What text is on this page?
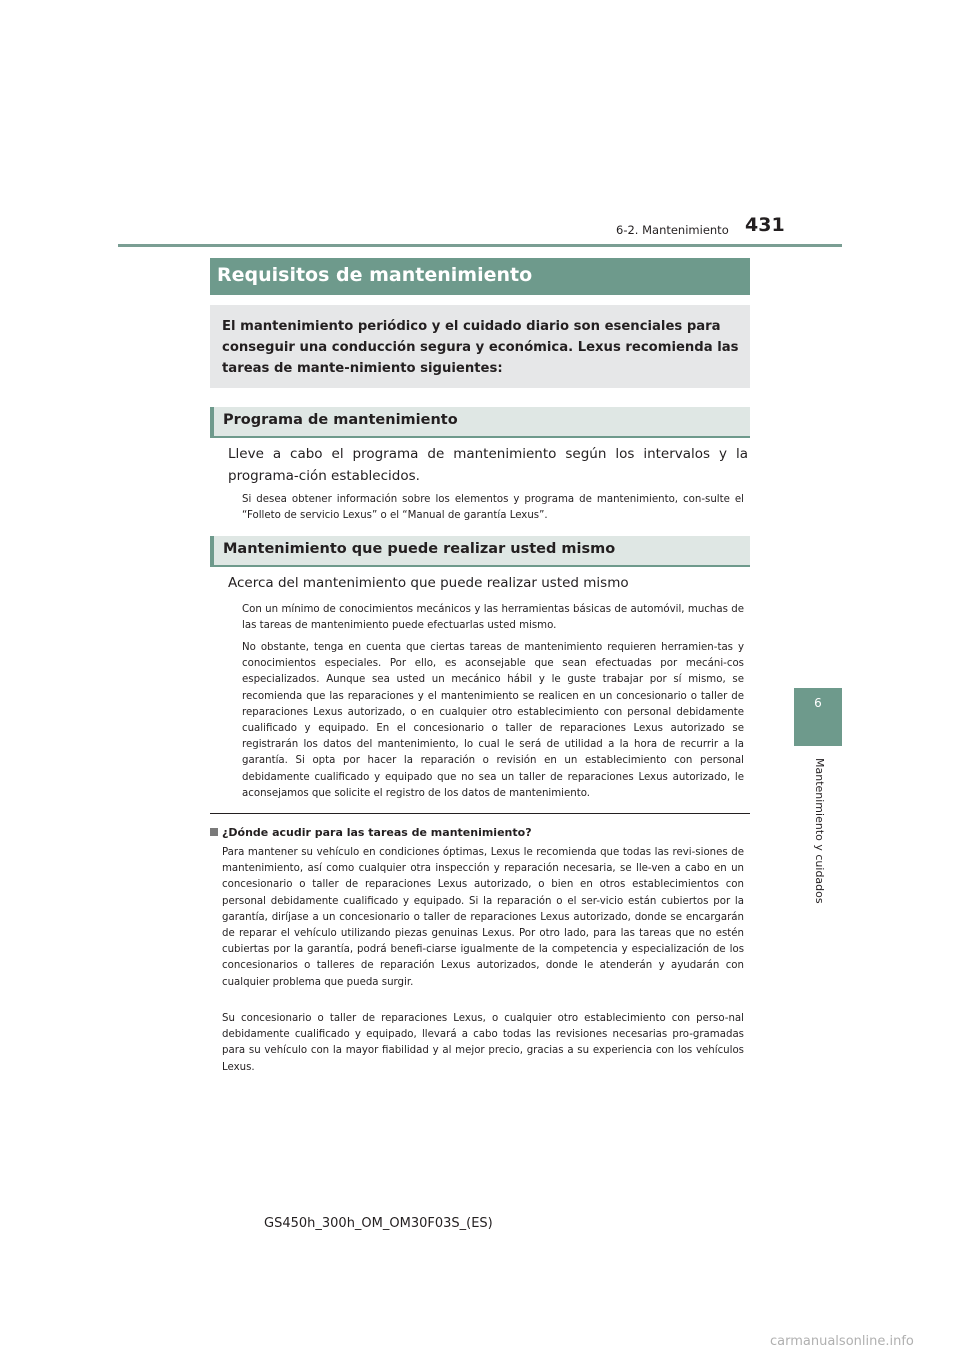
431
6-2. Mantenimiento
6
Mantenimiento y cuidados
Requisitos de mantenimiento

El mantenimiento periódico y el cuidado diario son esenciales para conseguir una conducción segura y económica. Lexus recomienda las tareas de mante-nimiento siguientes:

Programa de mantenimiento

Lleve a cabo el programa de mantenimiento según los intervalos y la programa-ción establecidos.

Si desea obtener información sobre los elementos y programa de mantenimiento, con-sulte el “Folleto de servicio Lexus” o el “Manual de garantía Lexus”.

Mantenimiento que puede realizar usted mismo

Acerca del mantenimiento que puede realizar usted mismo

Con un mínimo de conocimientos mecánicos y las herramientas básicas de automóvil, muchas de las tareas de mantenimiento puede efectuarlas usted mismo.

No obstante, tenga en cuenta que ciertas tareas de mantenimiento requieren herramien-tas y conocimientos especiales. Por ello, es aconsejable que sean efectuadas por mecáni-cos especializados. Aunque sea usted un mecánico hábil y le guste trabajar por sí mismo, se recomienda que las reparaciones y el mantenimiento se realicen en un concesionario o taller de reparaciones Lexus autorizado, o en cualquier otro establecimiento con personal debidamente cualificado y equipado. En el concesionario o taller de reparaciones Lexus autorizado se registrarán los datos del mantenimiento, lo cual le será de utilidad a la hora de recurrir a la garantía. Si opta por hacer la reparación o revisión en un establecimiento con personal debidamente cualificado y equipado que no sea un taller de reparaciones Lexus autorizado, le aconsejamos que solicite el registro de los datos de mantenimiento.

¿Dónde acudir para las tareas de mantenimiento?

Para mantener su vehículo en condiciones óptimas, Lexus le recomienda que todas las revi-siones de mantenimiento, así como cualquier otra inspección y reparación necesaria, se lle-ven a cabo en un concesionario o taller de reparaciones Lexus autorizado, o bien en otros establecimientos con personal debidamente cualificado y equipado. Si la reparación o el ser-vicio están cubiertos por la garantía, diríjase a un concesionario o taller de reparaciones Lexus autorizado, donde se encargarán de reparar el vehículo utilizando piezas genuinas Lexus. Por otro lado, para las tareas que no estén cubiertas por la garantía, podrá benefi-ciarse igualmente de la competencia y especialización de los concesionarios o talleres de reparación Lexus autorizados, donde le atenderán y ayudarán con cualquier problema que pueda surgir.

Su concesionario o taller de reparaciones Lexus, o cualquier otro establecimiento con perso-nal debidamente cualificado y equipado, llevará a cabo todas las revisiones necesarias pro-gramadas para su vehículo con la mayor fiabilidad y al mejor precio, gracias a su experiencia con los vehículos Lexus.

GS450h_300h_OM_OM30F03S_(ES)
carmanualsonline.info
